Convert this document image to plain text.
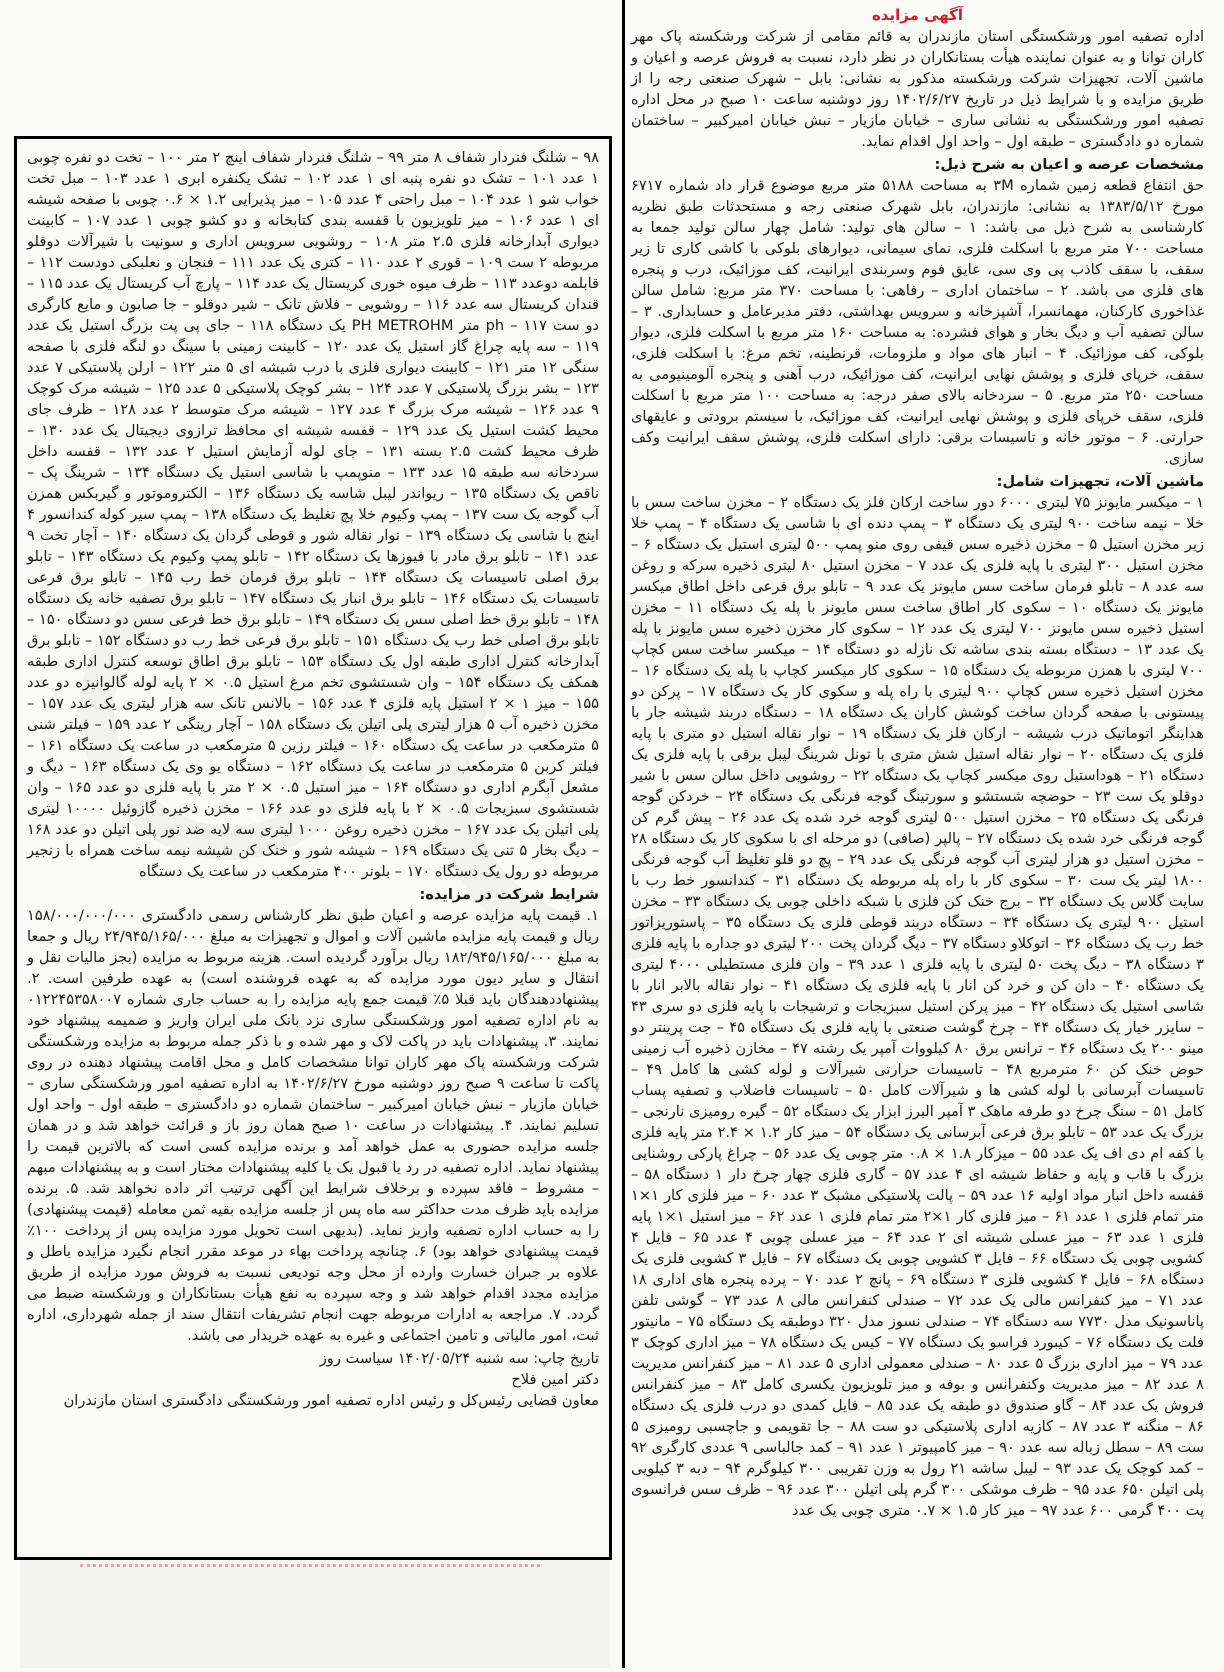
آگهی مزایده

اداره تصفیه امور ورشکستگی استان مازندران به قائم مقامی از شرکت ورشکسته پاک مهر کاران توانا و به عنوان نماینده هیأت بستانکاران در نظر دارد، نسبت به فروش عرصه و اعیان و ماشین آلات، تجهیزات شرکت ورشکسته مذکور به نشانی: بابل – شهرک صنعتی رجه را از طریق مزایده و با شرایط ذیل در تاریخ ۱۴۰۲/۶/۲۷ روز دوشنبه ساعت ۱۰ صبح در محل اداره تصفیه امور ورشکستگی به نشانی ساری – خیابان مازیار – نبش خیابان امیرکبیر – ساختمان شماره دو دادگستری – طبقه اول – واحد اول اقدام نماید.

مشخصات عرصه و اعیان به شرح ذیل:

حق انتفاع قطعه زمین شماره ۳M به مساحت ۵۱۸۸ متر مربع موضوع قرار داد شماره ۶۷۱۷ مورخ ۱۳۸۳/۵/۱۲ به نشانی: مازندران، بابل شهرک صنعتی رجه و مستحدثات طبق نظریه کارشناسی به شرح ذیل می باشد: ۱ – سالن های تولید: شامل چهار سالن تولید جمعا به مساحت ۷۰۰ متر مربع با اسکلت فلزی، نمای سیمانی، دیوارهای بلوکی با کاشی کاری تا زیر سقف، با سقف کاذب پی وی سی، عایق فوم وسربندی ایرانیت، کف موزائیک، درب و پنجره های فلزی می باشد. ۲ – ساختمان اداری – رفاهی: با مساحت ۳۷۰ متر مربع: شامل سالن غذاخوری کارکنان، مهمانسرا، آشپزخانه و سرویس بهداشتی، دفتر مدیرعامل و حسابداری. ۳ – سالن تصفیه آب و دیگ بخار و هوای فشرده: به مساحت ۱۶۰ متر مربع با اسکلت فلزی، دیوار بلوکی، کف موزائیک. ۴ – انبار های مواد و ملزومات، قرنطینه، تخم مرغ: با اسکلت فلزی، سقف، خرپای فلزی و پوشش نهایی ایرانیت، کف موزائیک، درب آهنی و پنجره آلومینیومی به مساحت ۲۵۰ متر مربع. ۵ – سردخانه بالای صفر درجه: به مساحت ۱۰۰ متر مربع با اسکلت فلزی، سقف خرپای فلزی و پوشش نهایی ایرانیت، کف موزائیک، با سیستم برودتی و عایقهای حرارتی. ۶ – موتور خانه و تاسیسات برقی: دارای اسکلت فلزی، پوشش سقف ایرانیت وکف سازی.

ماشین آلات، تجهیزات شامل:

۱ – میکسر مایونز ۷۵ لیتری ۶۰۰۰ دور ساخت ارکان فلز یک دستگاه ۲ – مخزن ساخت سس با خلا – نیمه ساخت ۹۰۰ لیتری یک دستگاه ۳ – پمپ دنده ای با شاسی یک دستگاه ۴ – پمپ خلا زیر مخزن استیل ۵ – مخزن ذخیره سس قیفی روی منو پمپ ۵۰۰ لیتری استیل یک دستگاه ۶ – مخزن استیل ۳۰۰ لیتری با پایه فلزی یک عدد ۷ – مخزن استیل ۸۰ لیتری ذخیره سرکه و روغن سه عدد ۸ – تابلو فرمان ساخت سس مایونز یک عدد ۹ – تابلو برق فرعی داخل اطاق میکسر مایونز یک دستگاه ۱۰ – سکوی کار اطاق ساخت سس مایونز با پله یک دستگاه ۱۱ – مخزن استیل ذخیره سس مایونز ۷۰۰ لیتری یک عدد ۱۲ – سکوی کار مخزن ذخیره سس مایونز با پله یک عدد ۱۳ – دستگاه بسته بندی ساشه تک نازله دو دستگاه ۱۴ – میکسر ساخت سس کچاپ ۷۰۰ لیتری با همزن مربوطه یک دستگاه ۱۵ – سکوی کار میکسر کچاپ با پله یک دستگاه ۱۶ – مخزن استیل ذخیره سس کچاپ ۹۰۰ لیتری با راه پله و سکوی کار یک دستگاه ۱۷ – پرکن دو پیستونی با صفحه گردان ساخت کوشش کاران یک دستگاه ۱۸ – دستگاه دربند شیشه جار با هداینگر اتوماتیک درب شیشه – ارکان فلز یک دستگاه ۱۹ – نوار نقاله استیل دو متری با پایه فلزی یک دستگاه ۲۰ – نوار نقاله استیل شش متری با تونل شرینگ لیبل برقی با پایه فلزی یک دستگاه ۲۱ – هوداستیل روی میکسر کچاپ یک دستگاه ۲۲ – روشویی داخل سالن سس با شیر دوقلو یک ست ۲۳ – حوضچه شستشو و سورتینگ گوجه فرنگی یک دستگاه ۲۴ – خردکن گوجه فرنگی یک دستگاه ۲۵ – مخزن استیل ۵۰۰ لیتری گوجه خرد شده یک عدد ۲۶ – پیش گرم کن گوجه فرنگی خرد شده یک دستگاه ۲۷ – پالپر (صافی) دو مرحله ای با سکوی کار یک دستگاه ۲۸ – مخزن استیل دو هزار لیتری آب گوجه فرنگی یک عدد ۲۹ – پچ دو قلو تغلیظ آب گوجه فرنگی ۱۸۰۰ لیتر یک ست ۳۰ – سکوی کار با راه پله مربوطه یک دستگاه ۳۱ – کندانسور خط رب با سایت گلاس یک دستگاه ۳۲ – برج خنک کن فلزی با شبکه داخلی چوبی یک دستگاه ۳۳ – مخزن استیل ۹۰۰ لیتری یک دستگاه ۳۴ – دستگاه دربند قوطی فلزی یک دستگاه ۳۵ – پاستوریزاتور خط رب یک دستگاه ۳۶ – اتوکلاو دستگاه ۳۷ – دیگ گردان پخت ۲۰۰ لیتری دو جداره با پایه فلزی ۳ دستگاه ۳۸ – دیگ پخت ۵۰ لیتری با پایه فلزی ۱ عدد ۳۹ – وان فلزی مستطیلی ۴۰۰۰ لیتری یک دستگاه ۴۰ – دان کن و خرد کن انار با پایه فلزی یک دستگاه ۴۱ – نوار نقاله بالابر انار با شاسی استیل یک دستگاه ۴۲ – میز پرکن استیل سبزیجات و ترشیجات با پایه فلزی دو سری ۴۳ – سایزر خیار یک دستگاه ۴۴ – چرخ گوشت صنعتی با پایه فلزی یک دستگاه ۴۵ – جت پرینتر دو مینو ۲۰۰ یک دستگاه ۴۶ – ترانس برق ۸۰ کیلووات آمپر یک رشته ۴۷ – مخازن ذخیره آب زمینی حوض خنک کن ۶۰ مترمربع ۴۸ – تاسیسات حرارتی شیرآلات و لوله کشی ها کامل ۴۹ – تاسیسات آبرسانی با لوله کشی ها و شیرآلات کامل ۵۰ – تاسیسات فاضلاب و تصفیه پساب کامل ۵۱ – سنگ چرخ دو طرفه ماهک ۳ آمپر البرز ابزار یک دستگاه ۵۲ – گیره رومیزی نارنجی – بزرگ یک عدد ۵۳ – تابلو برق فرعی آبرسانی یک دستگاه ۵۴ – میز کار ۱.۲ × ۲.۴ متر پایه فلزی با کفه ام دی اف یک عدد ۵۵ – میزکار ۱.۸ × ۰.۸ متر چوبی یک عدد ۵۶ – چراغ پارکی روشنایی بزرگ با قاب و پایه و حفاظ شیشه ای ۴ عدد ۵۷ – گاری فلزی چهار چرخ دار ۱ دستگاه ۵۸ – قفسه داخل انبار مواد اولیه ۱۶ عدد ۵۹ – پالت پلاستیکی مشبک ۳ عدد ۶۰ – میز فلزی کار ۱×۱ متر تمام فلزی ۱ عدد ۶۱ – میز فلزی کار ۱×۲ متر تمام فلزی ۱ عدد ۶۲ – میز استیل ۱×۱ پایه فلزی ۱ عدد ۶۳ – میز عسلی شیشه ای ۲ عدد ۶۴ – میز عسلی چوبی ۴ عدد ۶۵ – فایل ۴ کشویی چوبی یک دستگاه ۶۶ – فایل ۳ کشویی چوبی یک دستگاه ۶۷ – فایل ۳ کشویی فلزی یک دستگاه ۶۸ – فایل ۴ کشویی فلزی ۳ دستگاه ۶۹ – پانچ ۲ عدد ۷۰ – پرده پنجره های اداری ۱۸ عدد ۷۱ – میز کنفرانس مالی یک عدد ۷۲ – صندلی کنفرانس مالی ۸ عدد ۷۳ – گوشی تلفن پاناسونیک مدل ۷۷۳۰ سه دستگاه ۷۴ – صندلی نسوز مدل ۳۲۰ دوطبقه یک دستگاه ۷۵ – مانیتور فلت یک دستگاه ۷۶ – کیبورد فراسو یک دستگاه ۷۷ – کیس یک دستگاه ۷۸ – میز اداری کوچک ۳ عدد ۷۹ – میز اداری بزرگ ۵ عدد ۸۰ – صندلی معمولی اداری ۵ عدد ۸۱ – میز کنفرانس مدیریت ۸ عدد ۸۲ – میز مدیریت وکنفرانس و بوفه و میز تلویزیون یکسری کامل ۸۳ – میز کنفرانس فروش یک عدد ۸۴ – گاو صندوق دو طبقه یک عدد ۸۵ – فایل کمدی دو درب فلزی یک دستگاه ۸۶ – منگنه ۳ عدد ۸۷ – کازیه اداری پلاستیکی دو ست ۸۸ – جا تقویمی و جاچسبی رومیزی ۵ ست ۸۹ – سطل زباله سه عدد ۹۰ – میز کامپیوتر ۱ عدد ۹۱ – کمد جالباسی ۹ عددی کارگری ۹۲ – کمد کوچک یک عدد ۹۳ – لیبل ساشه ۲۱ رول به وزن تقریبی ۳۰۰ کیلوگرم ۹۴ – دبه ۳ کیلویی پلی اتیلن ۶۵۰ عدد ۹۵ – ظرف موشکی ۳۰۰ گرم پلی اتیلن ۳۰۰ عدد ۹۶ – ظرف سس فرانسوی پت ۴۰۰ گرمی ۶۰۰ عدد ۹۷ – میز کار ۱.۵ × ۰.۷ متری چوبی یک عدد

۹۸ – شلنگ فنردار شفاف ۸ متر ۹۹ – شلنگ فنردار شفاف اینچ ۲ متر ۱۰۰ – تخت دو نفره چوبی ۱ عدد ۱۰۱ – تشک دو نفره پنبه ای ۱ عدد ۱۰۲ – تشک یکنفره ابری ۱ عدد ۱۰۳ – مبل تخت خواب شو ۱ عدد ۱۰۴ – مبل راحتی ۴ عدد ۱۰۵ – میز پذیرایی ۱.۲ × ۰.۶ چوبی با صفحه شیشه ای ۱ عدد ۱۰۶ – میز تلویزیون با قفسه بندی کتابخانه و دو کشو چوبی ۱ عدد ۱۰۷ – کابینت دیواری آبدارخانه فلزی ۲.۵ متر ۱۰۸ – روشویی سرویس اداری و سونیت با شیرآلات دوقلو مربوطه ۲ ست ۱۰۹ – قوری ۲ عدد ۱۱۰ – کتری یک عدد ۱۱۱ – فنجان و نعلبکی دودست ۱۱۲ – قابلمه دوعدد ۱۱۳ – ظرف میوه خوری کریستال یک عدد ۱۱۴ – پارچ آب کریستال یک عدد ۱۱۵ – قندان کریستال سه عدد ۱۱۶ – روشویی – فلاش تانک – شیر دوقلو – جا صابون و مایع کارگری دو ست ۱۱۷ – ph متر PH METROHM یک دستگاه ۱۱۸ – جای پی پت بزرگ استیل یک عدد ۱۱۹ – سه پایه چراغ گاز استیل یک عدد ۱۲۰ – کابینت زمینی با سینگ دو لنگه فلزی با صفحه سنگی ۱۲ متر ۱۲۱ – کابینت دیواری فلزی با درب شیشه ای ۵ متر ۱۲۲ – ارلن پلاستیکی ۷ عدد ۱۲۳ – بشر بزرگ پلاستیکی ۷ عدد ۱۲۴ – بشر کوچک پلاستیکی ۵ عدد ۱۲۵ – شیشه مرک کوچک ۹ عدد ۱۲۶ – شیشه مرک بزرگ ۴ عدد ۱۲۷ – شیشه مرک متوسط ۲ عدد ۱۲۸ – ظرف جای محیط کشت استیل یک عدد ۱۲۹ – قفسه شیشه ای محافظ ترازوی دیجیتال یک عدد ۱۳۰ – ظرف محیط کشت ۲.۵ بسته ۱۳۱ – جای لوله آزمایش استیل ۲ عدد ۱۳۲ – قفسه داخل سردخانه سه طبقه ۱۵ عدد ۱۳۳ – منوپمپ با شاسی استیل یک دستگاه ۱۳۴ – شرینگ پک – ناقص یک دستگاه ۱۳۵ – ریواندر لیبل شاسه یک دستگاه ۱۳۶ – الکتروموتور و گیربکس همزن آب گوجه یک ست ۱۳۷ – پمپ وکیوم خلا پچ تغلیظ یک دستگاه ۱۳۸ – پمپ سیر کوله کندانسور ۴ اینچ با شاسی یک دستگاه ۱۳۹ – نوار نقاله شور و قوطی گردان یک دستگاه ۱۴۰ – آچار تخت ۹ عدد ۱۴۱ – تابلو برق مادر با فیوزها یک دستگاه ۱۴۲ – تابلو پمپ وکیوم یک دستگاه ۱۴۳ – تابلو برق اصلی تاسیسات یک دستگاه ۱۴۴ – تابلو برق فرمان خط رب ۱۴۵ – تابلو برق فرعی تاسیسات یک دستگاه ۱۴۶ – تابلو برق انبار یک دستگاه ۱۴۷ – تابلو برق تصفیه خانه یک دستگاه ۱۴۸ – تابلو برق خط اصلی سس یک دستگاه ۱۴۹ – تابلو برق خط فرعی سس دو دستگاه ۱۵۰ – تابلو برق اصلی خط رب یک دستگاه ۱۵۱ – تابلو برق فرعی خط رب دو دستگاه ۱۵۲ – تابلو برق آبدارخانه کنترل اداری طبقه اول یک دستگاه ۱۵۳ – تابلو برق اطاق توسعه کنترل اداری طبقه همکف یک دستگاه ۱۵۴ – وان شستشوی تخم مرغ استیل ۰.۵ × ۲ پایه لوله گالوانیزه دو عدد ۱۵۵ – میز ۱ × ۲ استیل پایه فلزی ۴ عدد ۱۵۶ – بالانس تانک سه هزار لیتری یک عدد ۱۵۷ – مخزن ذخیره آب ۵ هزار لیتری پلی اتیلن یک دستگاه ۱۵۸ – آچار رینگی ۲ عدد ۱۵۹ – فیلتر شنی ۵ مترمکعب در ساعت یک دستگاه ۱۶۰ – فیلتر رزین ۵ مترمکعب در ساعت یک دستگاه ۱۶۱ – فیلتر کربن ۵ مترمکعب در ساعت یک دستگاه ۱۶۲ – دستگاه یو وی یک دستگاه ۱۶۳ – دیگ و مشعل آبگرم اداری دو دستگاه ۱۶۴ – میز استیل ۰.۵ × ۲ متر با پایه فلزی دو عدد ۱۶۵ – وان شستشوی سبزیجات ۰.۵ × ۲ با پایه فلزی دو عدد ۱۶۶ – مخزن ذخیره گازوئیل ۱۰۰۰۰ لیتری پلی اتیلن یک عدد ۱۶۷ – مخزن ذخیره روغن ۱۰۰۰ لیتری سه لایه ضد نور پلی اتیلن دو عدد ۱۶۸ – دیگ بخار ۵ تنی یک دستگاه ۱۶۹ – شیشه شور و خنک کن شیشه نیمه ساخت همراه با زنجیر مربوطه دو رول یک دستگاه ۱۷۰ – بلونر ۴۰۰ مترمکعب در ساعت یک دستگاه

شرایط شرکت در مزایده:

۱. قیمت پایه مزایده عرصه و اعیان طبق نظر کارشناس رسمی دادگستری ۱۵۸/۰۰۰/۰۰۰/۰۰۰ ریال و قیمت پایه مزایده ماشین آلات و اموال و تجهیزات به مبلغ ۲۴/۹۴۵/۱۶۵/۰۰۰ ریال و جمعا به مبلغ ۱۸۲/۹۴۵/۱۶۵/۰۰۰ ریال برآورد گردیده است. هزینه مربوط به مزایده (بجز مالیات نقل و انتقال و سایر دیون مورد مزایده که به عهده فروشنده است) به عهده طرفین است. ۲. پیشنهاددهندگان باید قبلا ۵٪ قیمت جمع پایه مزایده را به حساب جاری شماره ۰۱۲۲۴۵۳۵۸۰۰۷ به نام اداره تصفیه امور ورشکستگی ساری نزد بانک ملی ایران واریز و ضمیمه پیشنهاد خود نمایند. ۳. پیشنهادات باید در پاکت لاک و مهر شده و با ذکر جمله مربوط به مزایده ورشکستگی شرکت ورشکسته پاک مهر کاران توانا مشخصات کامل و محل اقامت پیشنهاد دهنده در روی پاکت تا ساعت ۹ صبح روز دوشنبه مورخ ۱۴۰۲/۶/۲۷ به اداره تصفیه امور ورشکستگی ساری – خیابان مازیار – نبش خیابان امیرکبیر – ساختمان شماره دو دادگستری – طبقه اول – واحد اول تسلیم نمایند. ۴. پیشنهادات در ساعت ۱۰ صبح همان روز باز و قرائت خواهد شد و در همان جلسه مزایده حضوری به عمل خواهد آمد و برنده مزایده کسی است که بالاترین قیمت را پیشنهاد نماید. اداره تصفیه در رد یا قبول یک یا کلیه پیشنهادات مختار است و به پیشنهادات مبهم – مشروط – فاقد سپرده و برخلاف شرایط این آگهی ترتیب اثر داده نخواهد شد. ۵. برنده مزایده باید ظرف مدت حداکثر سه ماه پس از جلسه مزایده بقیه ثمن معامله (قیمت پیشنهادی) را به حساب اداره تصفیه واریز نماید. (بدیهی است تحویل مورد مزایده پس از پرداخت ۱۰۰٪ قیمت پیشنهادی خواهد بود) ۶. چنانچه پرداخت بهاء در موعد مقرر انجام نگیرد مزایده باطل و علاوه بر جبران خسارت وارده از محل وجه تودیعی نسبت به فروش مورد مزایده از طریق مزایده مجدد اقدام خواهد شد و وجه سپرده به نفع هیأت بستانکاران و ورشکسته ضبط می گردد. ۷. مراجعه به ادارات مربوطه جهت انجام تشریفات انتقال سند از جمله شهرداری، اداره ثبت، امور مالیاتی و تامین اجتماعی و غیره به عهده خریدار می باشد.

تاریخ چاپ: سه شنبه ۱۴۰۲/۰۵/۲۴ سیاست روز

دکتر امین فلاح

معاون قضایی رئیس‌کل و رئیس اداره تصفیه امور ورشکستگی دادگستری استان مازندران
